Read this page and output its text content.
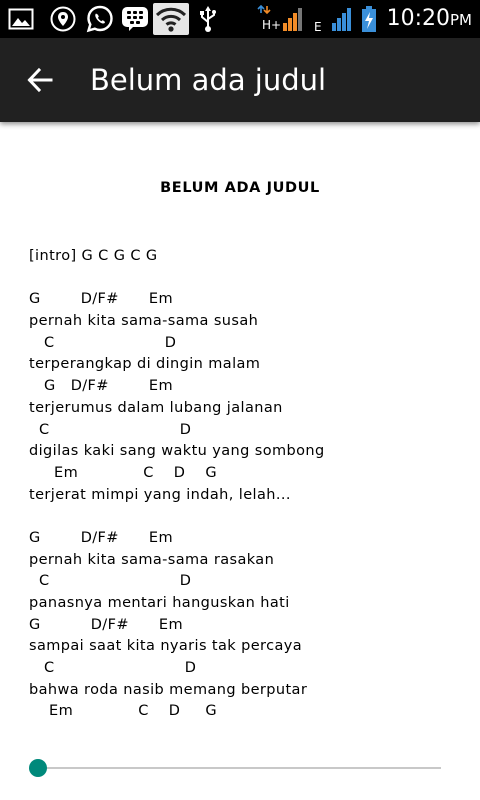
H+	E	10:20PM
Belum ada judul
BELUM ADA JUDUL
[intro] G C G C G
G        D/F#      Em
pernah kita sama-sama susah
C                      D
terperangkap di dingin malam
G   D/F#        Em
terjerumus dalam lubang jalanan
C                          D
digilas kaki sang waktu yang sombong
Em             C    D    G
terjerat mimpi yang indah, lelah...
G        D/F#      Em
pernah kita sama-sama rasakan
C                          D
panasnya mentari hanguskan hati
G          D/F#      Em
sampai saat kita nyaris tak percaya
C                          D
bahwa roda nasib memang berputar
Em             C    D     G
